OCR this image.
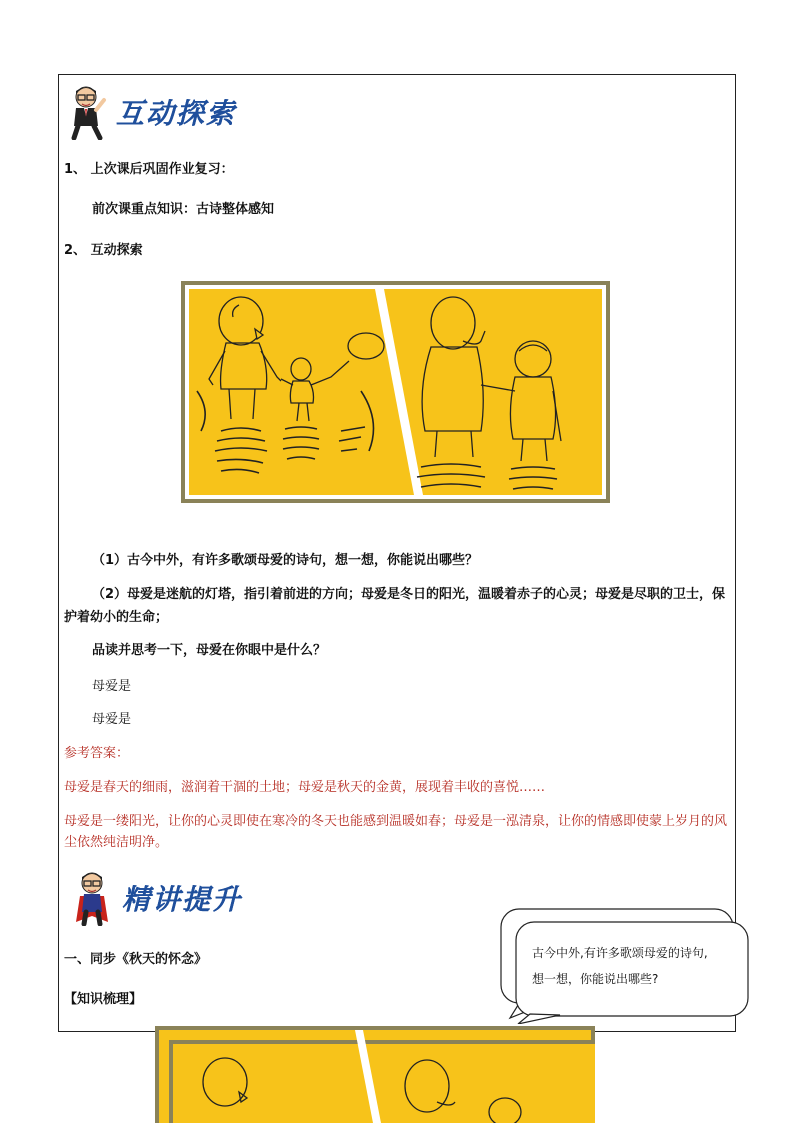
互动探索
1、 上次课后巩固作业复习：
前次课重点知识：古诗整体感知
2、 互动探索
（1）古今中外，有许多歌颂母爱的诗句，想一想，你能说出哪些？
（2）母爱是迷航的灯塔，指引着前进的方向；母爱是冬日的阳光，温暖着赤子的心灵；母爱是尽职的卫士，保护着幼小的生命；
品读并思考一下，母爱在你眼中是什么？
母爱是
母爱是
参考答案：
母爱是春天的细雨，滋润着干涸的土地；母爱是秋天的金黄，展现着丰收的喜悦……
母爱是一缕阳光，让你的心灵即使在寒冷的冬天也能感到温暖如春；母爱是一泓清泉，让你的情感即使蒙上岁月的风尘依然纯洁明净。
精讲提升
一、同步《秋天的怀念》
【知识梳理】
古今中外,有许多歌颂母爱的诗句,
想一想，你能说出哪些?
